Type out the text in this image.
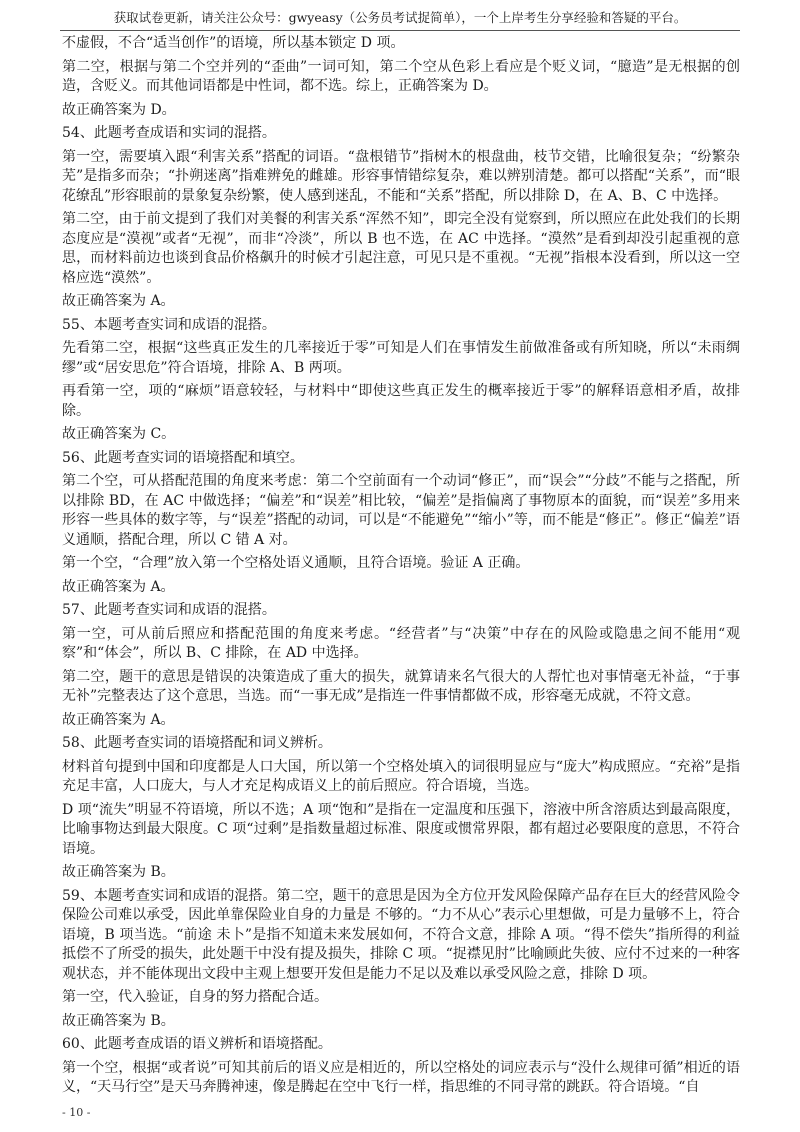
获取试卷更新，请关注公众号：gwyeasy（公务员考试捉简单），一个上岸考生分享经验和答疑的平台。

不虚假，不合“适当创作”的语境，所以基本锁定 D 项。

第二空，根据与第二个空并列的“歪曲”一词可知，第二个空从色彩上看应是个贬义词，“臆造”是无根据的创造，含贬义。而其他词语都是中性词，都不选。综上，正确答案为 D。

故正确答案为 D。

54、此题考查成语和实词的混搭。

第一空，需要填入跟“利害关系”搭配的词语。“盘根错节”指树木的根盘曲，枝节交错，比喻很复杂；“纷繁杂芜”是指多而杂；“扑朔迷离”指难辨免的雌雄。形容事情错综复杂，难以辨别清楚。都可以搭配“关系”，而“眼花缭乱”形容眼前的景象复杂纷繁，使人感到迷乱，不能和“关系”搭配，所以排除 D，在 A、B、C 中选择。

第二空，由于前文提到了我们对美餐的利害关系“浑然不知”，即完全没有觉察到，所以照应在此处我们的长期态度应是“漠视”或者“无视”，而非“冷淡”，所以 B 也不选，在 AC 中选择。“漠然”是看到却没引起重视的意思，而材料前边也谈到食品价格飙升的时候才引起注意，可见只是不重视。“无视”指根本没看到，所以这一空格应选“漠然”。

故正确答案为 A。

55、本题考查实词和成语的混搭。

先看第二空，根据“这些真正发生的几率接近于零”可知是人们在事情发生前做准备或有所知晓，所以“未雨绸缪”或“居安思危”符合语境，排除 A、B 两项。

再看第一空，项的“麻烦”语意较轻，与材料中“即使这些真正发生的概率接近于零”的解释语意相矛盾，故排除。

故正确答案为 C。

56、此题考查实词的语境搭配和填空。

第二个空，可从搭配范围的角度来考虑：第二个空前面有一个动词“修正”，而“误会”“分歧”不能与之搭配，所以排除 BD，在 AC 中做选择；“偏差”和“误差”相比较，“偏差”是指偏离了事物原本的面貌，而“误差”多用来形容一些具体的数字等，与“误差”搭配的动词，可以是“不能避免”“缩小”等，而不能是“修正”。修正“偏差”语义通顺，搭配合理，所以 C 错 A 对。

第一个空，“合理”放入第一个空格处语义通顺，且符合语境。验证 A 正确。

故正确答案为 A。

57、此题考查实词和成语的混搭。

第一空，可从前后照应和搭配范围的角度来考虑。“经营者”与“决策”中存在的风险或隐患之间不能用“观察”和“体会”，所以 B、C 排除，在 AD 中选择。

第二空，题干的意思是错误的决策造成了重大的损失，就算请来名气很大的人帮忙也对事情毫无补益，“于事无补”完整表达了这个意思，当选。而“一事无成”是指连一件事情都做不成，形容毫无成就，不符文意。

故正确答案为 A。

58、此题考查实词的语境搭配和词义辨析。

材料首句提到中国和印度都是人口大国，所以第一个空格处填入的词很明显应与“庞大”构成照应。“充裕”是指充足丰富，人口庞大，与人才充足构成语义上的前后照应。符合语境，当选。

D 项“流失”明显不符语境，所以不选；A 项“饱和”是指在一定温度和压强下，溶液中所含溶质达到最高限度，比喻事物达到最大限度。C 项“过剩”是指数量超过标准、限度或惯常界限，都有超过必要限度的意思，不符合语境。

故正确答案为 B。

59、本题考查实词和成语的混搭。第二空，题干的意思是因为全方位开发风险保障产品存在巨大的经营风险令保险公司难以承受，因此单靠保险业自身的力量是 不够的。“力不从心”表示心里想做，可是力量够不上，符合语境，B 项当选。“前途 未卜”是指不知道未来发展如何，不符合文意，排除 A 项。“得不偿失”指所得的利益抵偿不了所受的损失，此处题干中没有提及损失，排除 C 项。“捉襟见肘”比喻顾此失彼、应付不过来的一种客观状态，并不能体现出文段中主观上想要开发但是能力不足以及难以承受风险之意，排除 D 项。

第一空，代入验证，自身的努力搭配合适。

故正确答案为 B。

60、此题考查成语的语义辨析和语境搭配。

第一个空，根据“或者说”可知其前后的语义应是相近的，所以空格处的词应表示与“没什么规律可循”相近的语义，“天马行空”是天马奔腾神速，像是腾起在空中飞行一样，指思维的不同寻常的跳跃。符合语境。“自

- 10 -
